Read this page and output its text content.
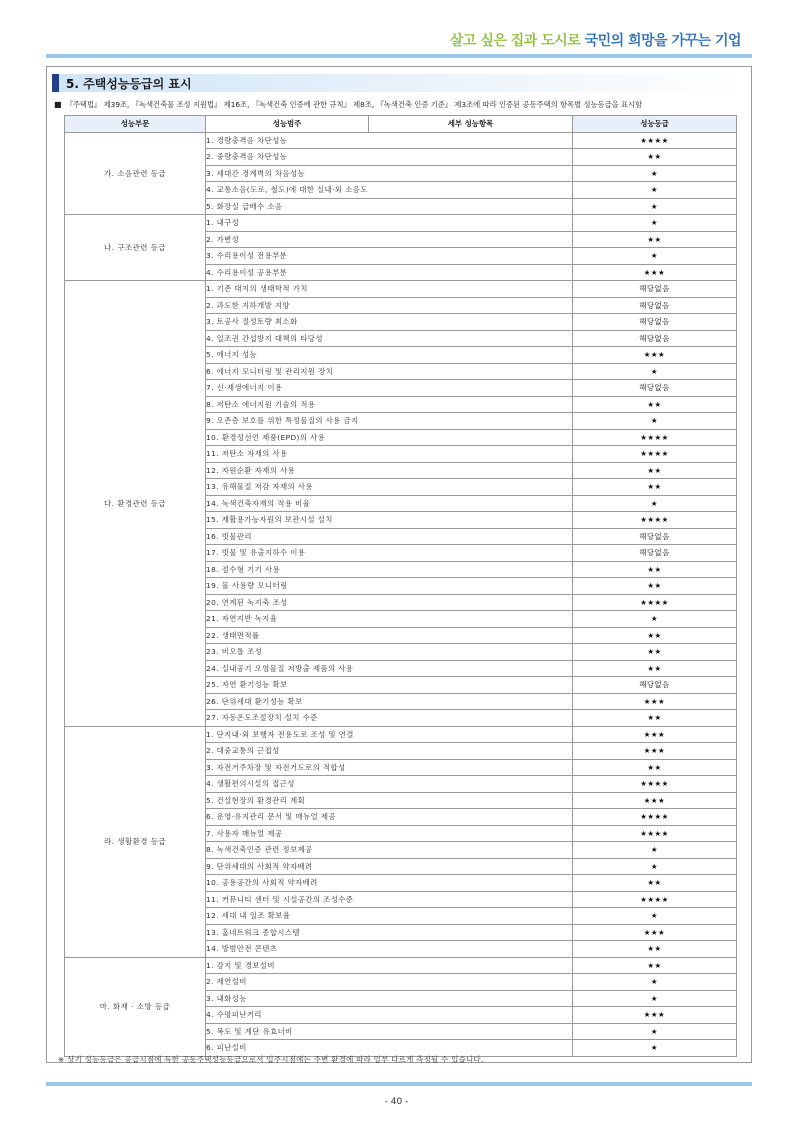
살고 싶은 집과 도시로 국민의 희망을 가꾸는 기업
5. 주택성능등급의 표시
■ 『주택법』 제39조, 『녹색건축물 조성 지원법』 제16조, 『녹색건축 인증에 관한 규칙』 제8조, 『녹색건축 인증 기준』 제3조에 따라 인증된 공동주택의 항목별 성능등급을 표시함
성능부문	성능범주	세부 성능항목	성능등급
가. 소음관련 등급	1. 경량충격음 차단성능		★★★★
	2. 중량충격음 차단성능		★★
	3. 세대간 경계벽의 차음성능		★
	4. 교통소음(도로, 철도)에 대한 실내·외 소음도		★
	5. 화장실 급배수 소음		★
나. 구조관련 등급	1. 내구성		★
	2. 가변성		★★
	3. 수리용이성 전용부분		★
	4. 수리용이성 공용부분		★★★
다. 환경관련 등급	1. 기존 대지의 생태학적 가치		해당없음
	2. 과도한 지하개발 지양		해당없음
	3. 토공사 절성토량 최소화		해당없음
	4. 일조권 간섭방지 대책의 타당성		해당없음
	5. 에너지 성능		★★★
	6. 에너지 모니터링 및 관리지원 장치		★
	7. 신·재생에너지 이용		해당없음
	8. 저탄소 에너지원 기술의 적용		★★
	9. 오존층 보호를 위한 특정물질의 사용 금지		★
	10. 환경성선언 제품(EPD)의 사용		★★★★
	11. 저탄소 자재의 사용		★★★★
	12. 자원순환 자재의 사용		★★
	13. 유해물질 저감 자재의 사용		★★
	14. 녹색건축자재의 적용 비율		★
	15. 재활용가능자원의 보관시설 설치		★★★★
	16. 빗물관리		해당없음
	17. 빗물 및 유출지하수 이용		해당없음
	18. 절수형 기기 사용		★★
	19. 물 사용량 모니터링		★★
	20. 연계된 녹지축 조성		★★★★
	21. 자연지반 녹지율		★
	22. 생태면적률		★★
	23. 비오톱 조성		★★
	24. 실내공기 오염물질 저방출 제품의 사용		★★
	25. 자연 환기성능 확보		해당없음
	26. 단위세대 환기성능 확보		★★★
	27. 자동온도조절장치 설치 수준		★★
라. 생활환경 등급	1. 단지내·외 보행자 전용도로 조성 및 연결		★★★
	2. 대중교통의 근접성		★★★
	3. 자전거주차장 및 자전거도로의 적합성		★★
	4. 생활편의시설의 접근성		★★★★
	5. 건설현장의 환경관리 계획		★★★
	6. 운영·유지관리 문서 및 매뉴얼 제공		★★★★
	7. 사용자 매뉴얼 제공		★★★★
	8. 녹색건축인증 관련 정보제공		★
	9. 단위세대의 사회적 약자배려		★
	10. 공용공간의 사회적 약자배려		★★
	11. 커뮤니티 센터 및 시설공간의 조성수준		★★★★
	12. 세대 내 일조 확보율		★
	13. 홈네트워크 종합시스템		★★★
	14. 방범안전 콘텐츠		★★
마. 화재 · 소방 등급	1. 감지 및 경보설비		★★
	2. 제연설비		★
	3. 내화성능		★
	4. 수평피난거리		★★★
	5. 복도 및 계단 유효너비		★
	6. 피난설비		★
※ 상기 성능등급은 공급시점에 득한 공동주택성능등급으로서 입주시점에는 주변 환경에 따라 일부 다르게 측정될 수 있습니다.
- 40 -
